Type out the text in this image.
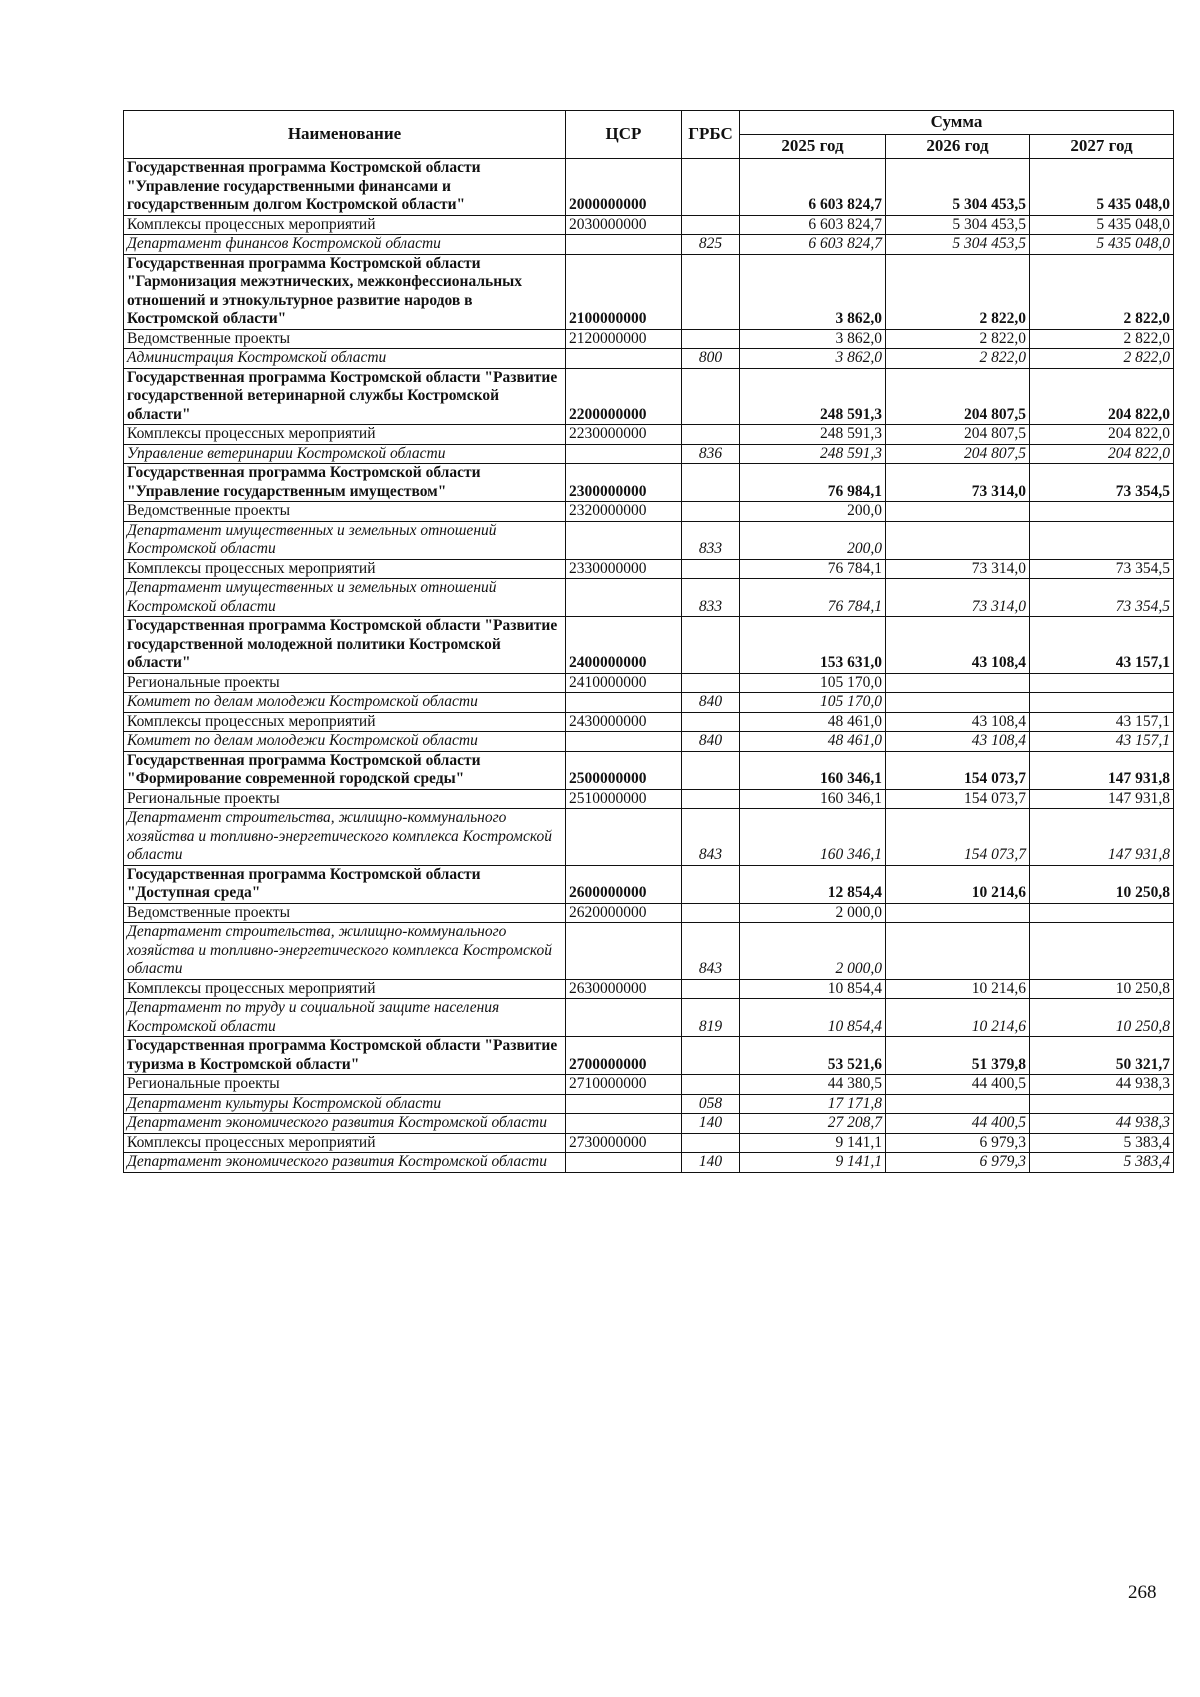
Наименование	ЦСР	ГРБС	Сумма		
			2025 год	2026 год	2027 год
Государственная программа Костромской области "Управление государственными финансами и государственным долгом Костромской области"	2000000000		6 603 824,7	5 304 453,5	5 435 048,0
Комплексы процессных мероприятий	2030000000		6 603 824,7	5 304 453,5	5 435 048,0
Департамент финансов Костромской области		825	6 603 824,7	5 304 453,5	5 435 048,0
Государственная программа Костромской области "Гармонизация межэтнических, межконфессиональных отношений и этнокультурное развитие народов в Костромской области"	2100000000		3 862,0	2 822,0	2 822,0
Ведомственные проекты	2120000000		3 862,0	2 822,0	2 822,0
Администрация Костромской области		800	3 862,0	2 822,0	2 822,0
Государственная программа Костромской области "Развитие государственной ветеринарной службы Костромской области"	2200000000		248 591,3	204 807,5	204 822,0
Комплексы процессных мероприятий	2230000000		248 591,3	204 807,5	204 822,0
Управление ветеринарии Костромской области		836	248 591,3	204 807,5	204 822,0
Государственная программа Костромской области "Управление государственным имуществом"	2300000000		76 984,1	73 314,0	73 354,5
Ведомственные проекты	2320000000		200,0		
Департамент имущественных и земельных отношений Костромской области		833	200,0		
Комплексы процессных мероприятий	2330000000		76 784,1	73 314,0	73 354,5
Департамент имущественных и земельных отношений Костромской области		833	76 784,1	73 314,0	73 354,5
Государственная программа Костромской области "Развитие государственной молодежной политики Костромской области"	2400000000		153 631,0	43 108,4	43 157,1
Региональные проекты	2410000000		105 170,0		
Комитет по делам молодежи Костромской области		840	105 170,0		
Комплексы процессных мероприятий	2430000000		48 461,0	43 108,4	43 157,1
Комитет по делам молодежи Костромской области		840	48 461,0	43 108,4	43 157,1
Государственная программа Костромской области "Формирование современной городской среды"	2500000000		160 346,1	154 073,7	147 931,8
Региональные проекты	2510000000		160 346,1	154 073,7	147 931,8
Департамент строительства, жилищно-коммунального хозяйства и топливно-энергетического комплекса Костромской области		843	160 346,1	154 073,7	147 931,8
Государственная программа Костромской области "Доступная среда"	2600000000		12 854,4	10 214,6	10 250,8
Ведомственные проекты	2620000000		2 000,0		
Департамент строительства, жилищно-коммунального хозяйства и топливно-энергетического комплекса Костромской области		843	2 000,0		
Комплексы процессных мероприятий	2630000000		10 854,4	10 214,6	10 250,8
Департамент по труду и социальной защите населения Костромской области		819	10 854,4	10 214,6	10 250,8
Государственная программа Костромской области "Развитие туризма в Костромской области"	2700000000		53 521,6	51 379,8	50 321,7
Региональные проекты	2710000000		44 380,5	44 400,5	44 938,3
Департамент культуры Костромской области		058	17 171,8		
Департамент экономического развития Костромской области		140	27 208,7	44 400,5	44 938,3
Комплексы процессных мероприятий	2730000000		9 141,1	6 979,3	5 383,4
Департамент экономического развития Костромской области		140	9 141,1	6 979,3	5 383,4
268
